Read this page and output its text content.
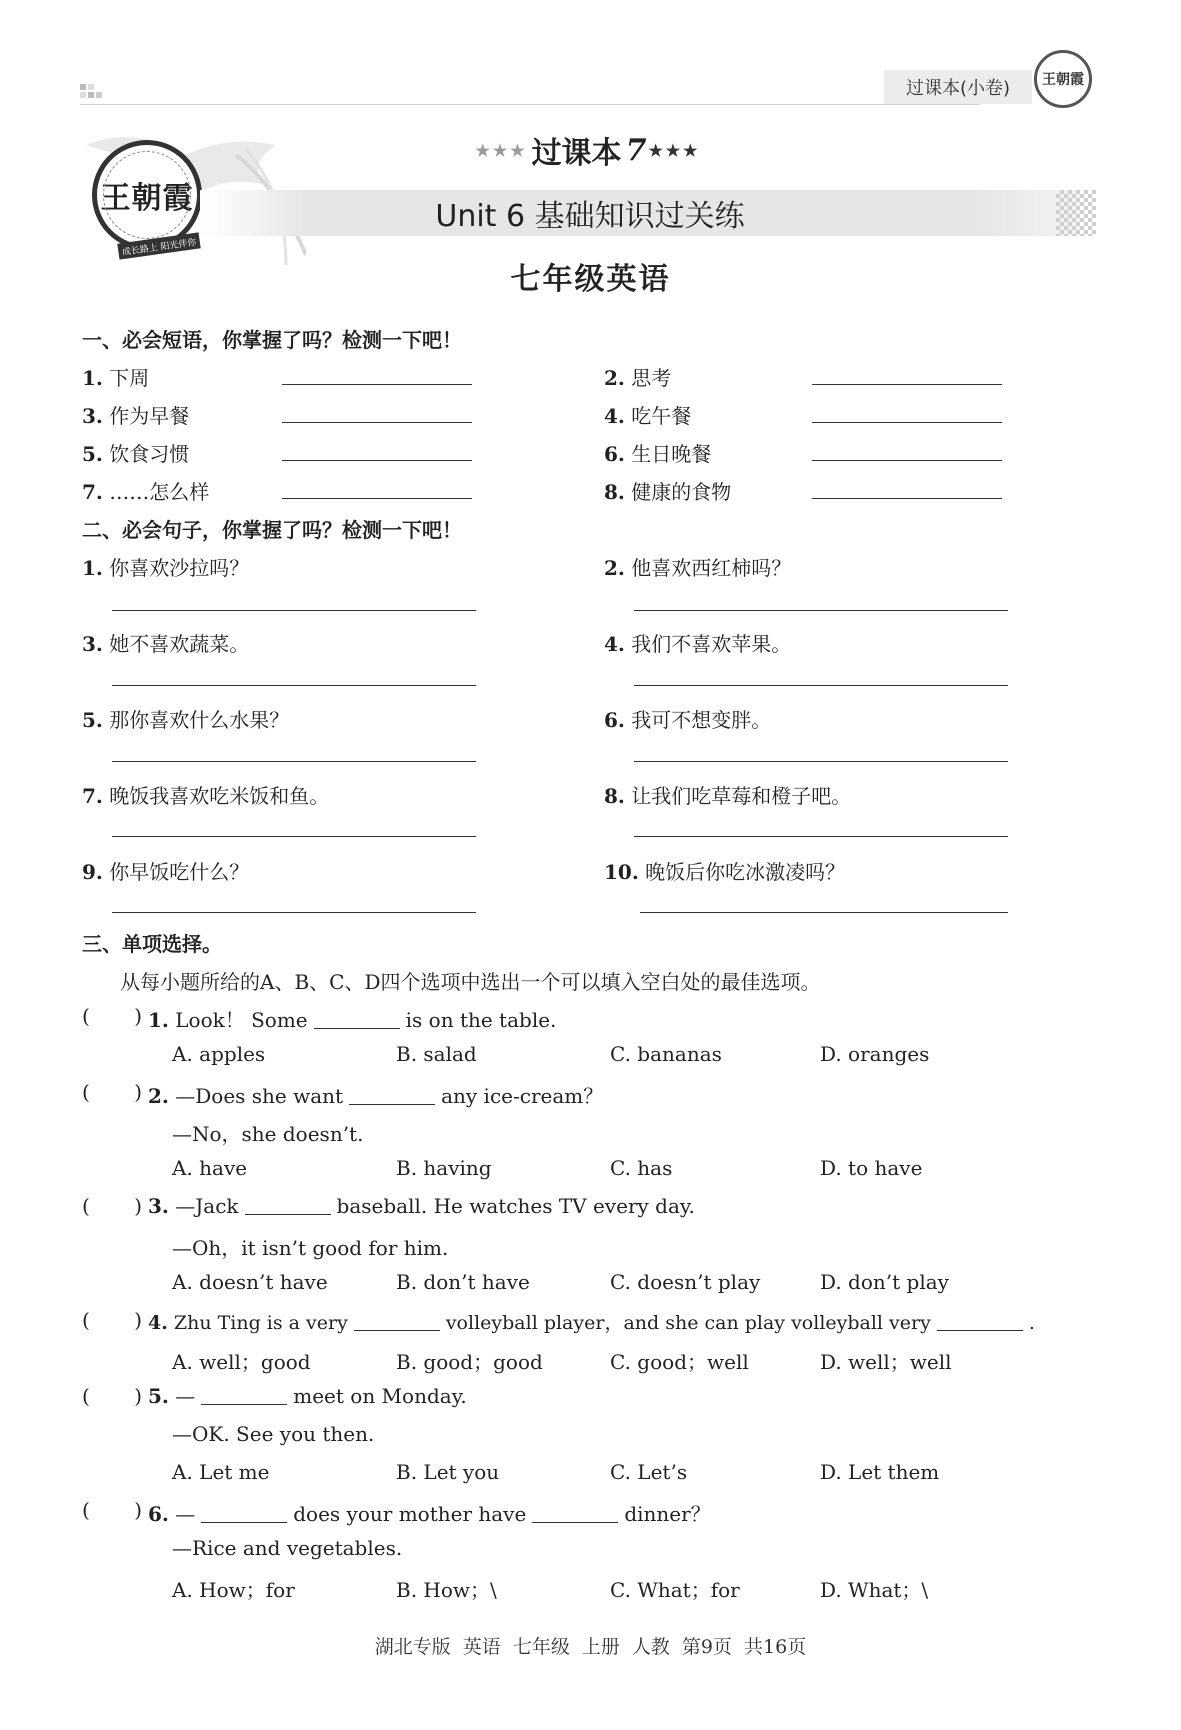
过课本(小卷)	王朝霞
王朝霞
成长路上 阳光伴你
★★★ 过课本 7 ★★★
Unit 6 基础知识过关练
七年级英语
一、必会短语，你掌握了吗？检测一下吧！
1. 下周	2. 思考
3. 作为早餐	4. 吃午餐
5. 饮食习惯	6. 生日晚餐
7. ……怎么样	8. 健康的食物
二、必会句子，你掌握了吗？检测一下吧！
1. 你喜欢沙拉吗？	2. 他喜欢西红柿吗？
3. 她不喜欢蔬菜。	4. 我们不喜欢苹果。
5. 那你喜欢什么水果？	6. 我可不想变胖。
7. 晚饭我喜欢吃米饭和鱼。	8. 让我们吃草莓和橙子吧。
9. 你早饭吃什么？	10. 晚饭后你吃冰激凌吗？
三、单项选择。
从每小题所给的A、B、C、D四个选项中选出一个可以填入空白处的最佳选项。
(       ) 1. Look！ Some	is on the table.
A. apples	B. salad	C. bananas	D. oranges
(       ) 2. —Does she want	any ice-cream？
—No，she doesn’t.
A. have	B. having	C. has	D. to have
(       ) 3. —Jack	baseball. He watches TV every day.
—Oh，it isn’t good for him.
A. doesn’t have	B. don’t have	C. doesn’t play	D. don’t play
(       ) 4. Zhu Ting is a very	volleyball player，and she can play volleyball very	.
A. well；good	B. good；good	C. good；well	D. well；well
(       ) 5. —	meet on Monday.
—OK. See you then.
A. Let me	B. Let you	C. Let’s	D. Let them
(       ) 6. —	does your mother have	dinner？
—Rice and vegetables.
A. How；for	B. How；\	C. What；for	D. What；\
湖北专版 英语 七年级 上册 人教 第9页 共16页
